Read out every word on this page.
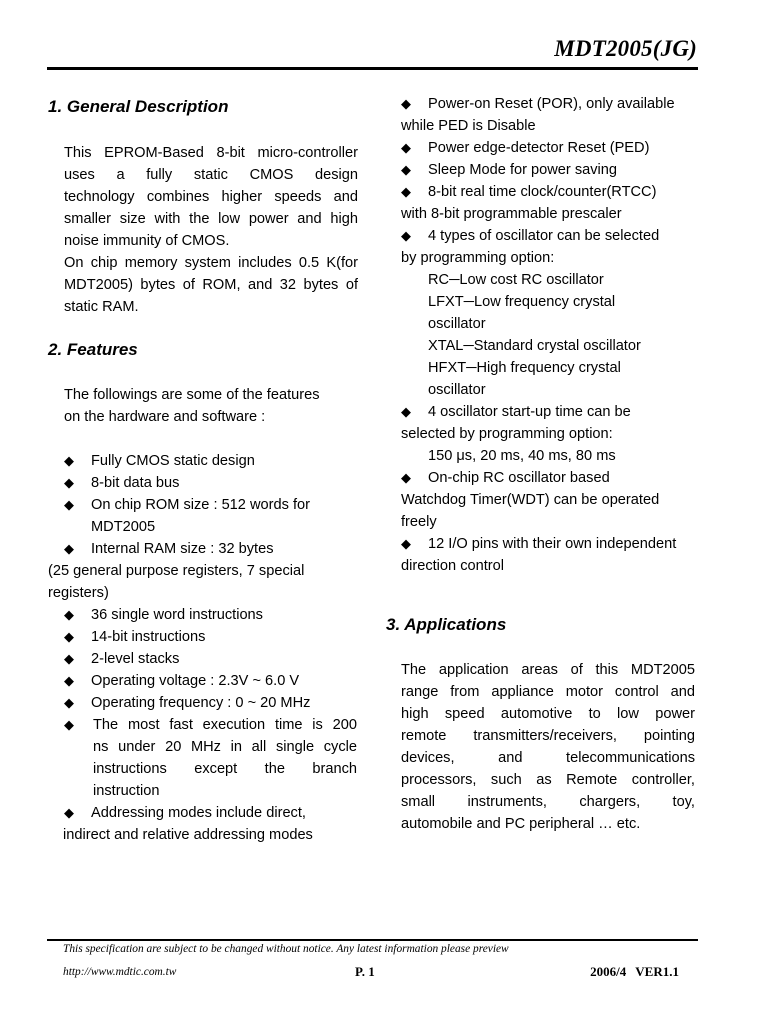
MDT2005(JG)
1. General Description
This EPROM-Based 8-bit micro-controller
uses a fully static CMOS design
technology combines higher speeds and
smaller size with the low power and high
noise immunity of CMOS.
On chip memory system includes 0.5 K(for
MDT2005) bytes of ROM, and 32 bytes of
static RAM.
2. Features
The followings are some of the features
on the hardware and software :
◆ Fully CMOS static design
◆ 8-bit data bus
◆ On chip ROM size : 512 words for
MDT2005
◆ Internal RAM size : 32 bytes
(25 general purpose registers, 7 special
registers)
◆ 36 single word instructions
◆ 14-bit instructions
◆ 2-level stacks
◆ Operating voltage : 2.3V ~ 6.0 V
◆ Operating frequency : 0 ~ 20 MHz
◆	The most fast execution time is 200
ns under 20 MHz in all single cycle
instructions except the branch
instruction
◆ Addressing modes include direct,
indirect and relative addressing modes
◆ Power-on Reset (POR), only available
while PED is Disable
◆ Power edge-detector Reset (PED)
◆ Sleep Mode for power saving
◆ 8-bit real time clock/counter(RTCC)
with 8-bit programmable prescaler
◆ 4 types of oscillator can be selected
by programming option:
RC─Low cost RC oscillator
LFXT─Low frequency crystal
oscillator
XTAL─Standard crystal oscillator
HFXT─High frequency crystal
oscillator
◆ 4 oscillator start-up time can be
selected by programming option:
150 μs, 20 ms, 40 ms, 80 ms
◆ On-chip RC oscillator based
Watchdog Timer(WDT) can be operated
freely
◆ 12 I/O pins with their own independent
direction control
3. Applications
The application areas of this MDT2005
range from appliance motor control and
high speed automotive to low power
remote transmitters/receivers, pointing
devices, and telecommunications
processors, such as Remote controller,
small instruments, chargers, toy,
automobile and PC peripheral … etc.
This specification are subject to be changed without notice. Any latest information please preview
http://www.mdtic.com.tw	P. 1	2006/4 VER1.1
